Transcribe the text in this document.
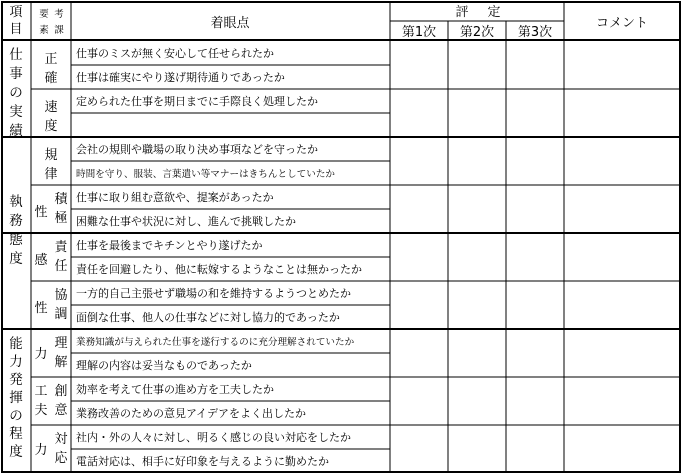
項
目
要 考
素 課	着眼点
評 定
第1次 第2次 第3次
コメント
仕
事
の
実
績
執
務
態
度
能
力
発
揮
の
程
度
性
感
性
力
工
夫
力
正
確
速
度
規
律
積
極
責
任
協
調
理
解
創
意
対
応
仕事のミスが無く安心して任せられたか
仕事は確実にやり遂げ期待通りであったか
定められた仕事を期日までに手際良く処理したか
会社の規則や職場の取り決め事項などを守ったか
時間を守り、服装、言葉遣い等マナーはきちんとしていたか
仕事に取り組む意欲や、提案があったか
困難な仕事や状況に対し、進んで挑戦したか
仕事を最後までキチンとやり遂げたか
責任を回避したり、他に転嫁するようなことは無かったか
一方的自己主張せず職場の和を維持するようつとめたか
面倒な仕事、他人の仕事などに対し協力的であったか
業務知識が与えられた仕事を遂行するのに充分理解されていたか
理解の内容は妥当なものであったか
効率を考えて仕事の進め方を工夫したか
業務改善のための意見アイデアをよく出したか
社内・外の人々に対し、明るく感じの良い対応をしたか
電話対応は、相手に好印象を与えるように勤めたか
